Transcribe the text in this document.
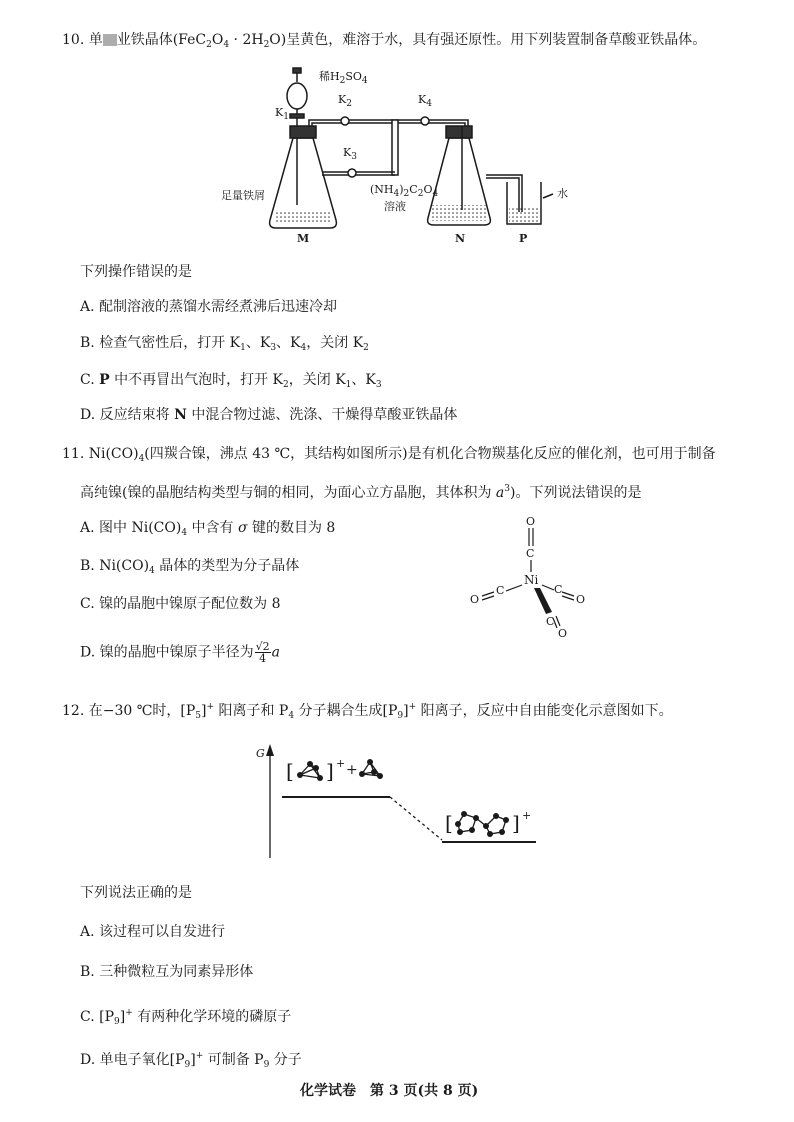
10. 单 业铁晶体$(FeC_2O_4 \cdot 2H_2O)$呈黄色，难溶于水，具有强还原性。用下列装置制备草酸亚铁晶体。
稀$H_2SO_4$
$K_1$
$K_2$
$K_3$
$K_4$
足量铁屑	$(NH_4)_2C_2O_4$
溶液
水
M	N	P
下列操作错误的是
A. 配制溶液的蒸馏水需经煮沸后迅速冷却
B. 检查气密性后，打开 $K_1$、$K_3$、$K_4$，关闭 $K_2$
C. P 中不再冒出气泡时，打开 $K_2$，关闭 $K_1$、$K_3$
D. 反应结束将 N 中混合物过滤、洗涤、干燥得草酸亚铁晶体
11. $Ni(CO)_4$(四羰合镍，沸点 43 ℃，其结构如图所示)是有机化合物羰基化反应的催化剂，也可用于制备
高纯镍(镍的晶胞结构类型与铜的相同，为面心立方晶胞，其体积为 $a^3$)。下列说法错误的是
A. 图中 $Ni(CO)_4$ 中含有 σ 键的数目为 8
B. $Ni(CO)_4$ 晶体的类型为分子晶体
C. 镍的晶胞中镍原子配位数为 8
D. 镍的晶胞中镍原子半径为 $\frac{√2}{4}$ a
O
C
Ni
C
O
C
O
C
O
12. 在−30 ℃时，$[P_5]^+$ 阳离子和 $P_4$ 分子耦合生成$[P_9]^+$ 阳离子，反应中自由能变化示意图如下。
G
[ ] + +
[	] +
下列说法正确的是
A. 该过程可以自发进行
B. 三种微粒互为同素异形体
C. $[P_9]^+$ 有两种化学环境的磷原子
D. 单电子氧化$[P_9]^+$ 可制备 $P_9$ 分子
化学试卷　第 3 页(共 8 页)
